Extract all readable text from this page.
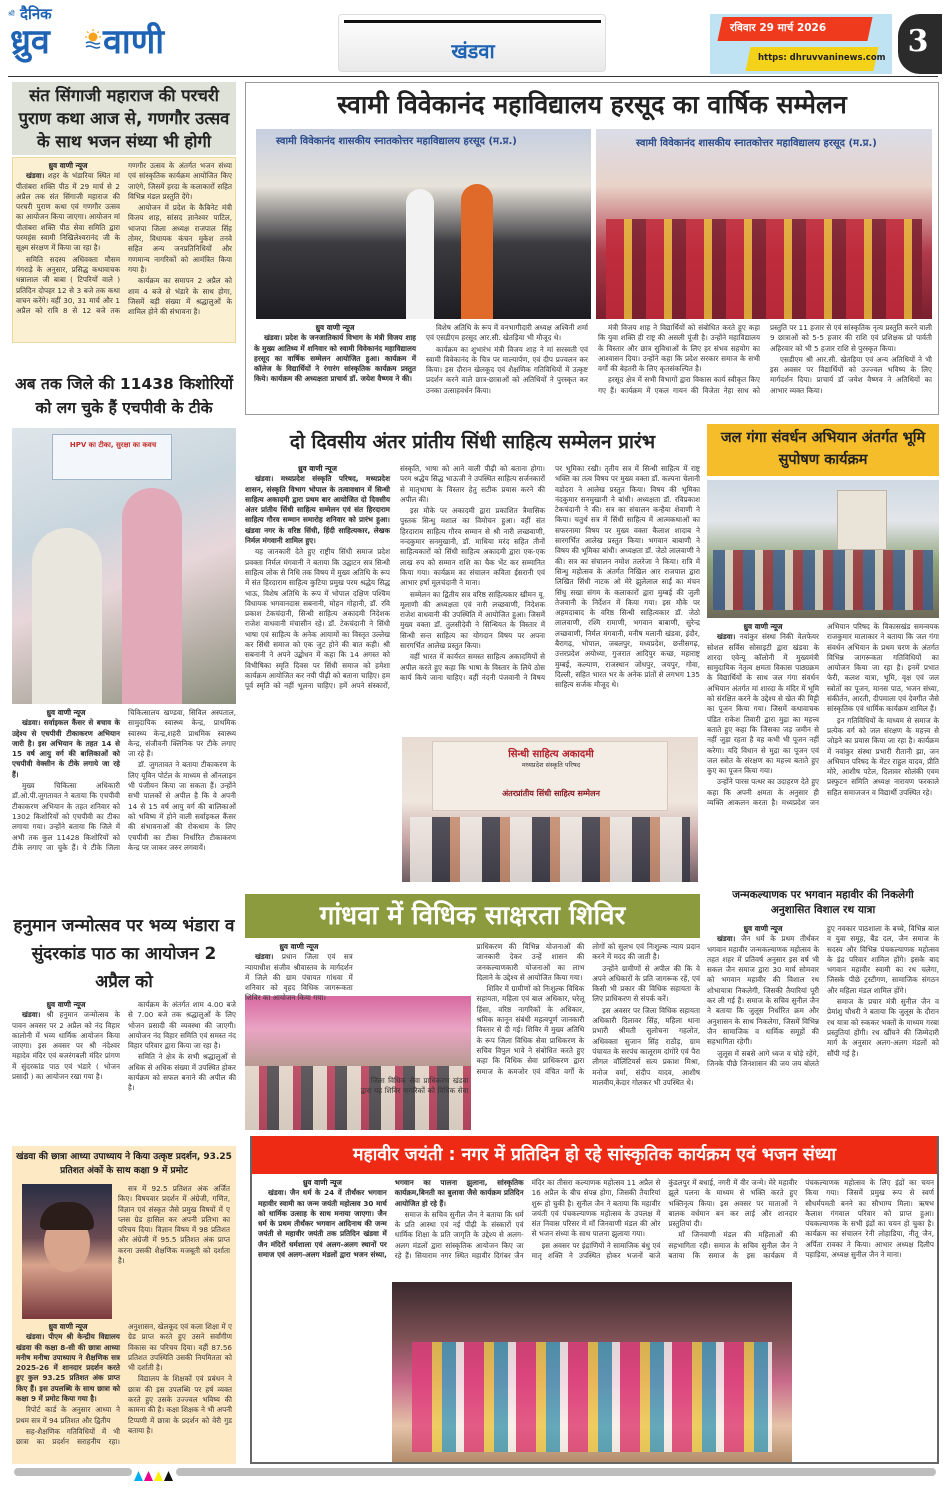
श्री दैनिक
ध्रुव वाणी	खंडवा
रविवार 29 मार्च 2026
https: dhruvvaninews.com 3
संत सिंगाजी महाराज की परचरी पुराण कथा आज से, गणगौर उत्सव के साथ भजन संध्या भी होगी
ध्रुव वाणी न्यूज

खंडवा। शहर के भंडारिया स्थित मां पीतांबरा शक्ति पीठ में 29 मार्च से 2 अप्रैल तक संत सिंगाजी महाराज की परचरी पुराण कथा एवं गणगौर उत्सव का आयोजन किया जाएगा। आयोजन मां पीतांबरा शक्ति पीठ सेवा समिति द्वारा परमहंस स्वामी निखिलेश्वरानंद जी के सूक्ष्म संरक्षण में किया जा रहा है।

समिति सदस्य अधिवक्ता मौसम गंगराड़े के अनुसार, प्रसिद्ध कथावाचक धन्नालाल जी बाबा ( टिपरियों वाले ) प्रतिदिन दोपहर 12 से 3 बजे तक कथा वाचन करेंगे। वहीं 30, 31 मार्च और 1 अप्रैल को रात्रि 8 से 12 बजे तक गणगौर उत्सव के अंतर्गत भजन संध्या एवं सांस्कृतिक कार्यक्रम आयोजित किए जाएंगे, जिसमें हरदा के कलाकारों सहित विभिन्न मंडल प्रस्तुति देंगे।

आयोजन में प्रदेश के कैबिनेट मंत्री विजय शाह, सांसद ज्ञानेश्वर पाटिल, भाजपा जिला अध्यक्ष राजपाल सिंह तोमर, विधायक कंचन मुकेश तनवे सहित अन्य जनप्रतिनिधियों और गणमान्य नागरिकों को आमंत्रित किया गया है।

कार्यक्रम का समापन 2 अप्रैल को शाम 4 बजे से भंडारे के साथ होगा, जिसमें बड़ी संख्या में श्रद्धालुओं के शामिल होने की संभावना है।

अब तक जिले की 11438 किशोरियों को लग चुके हैं एचपीवी के टीके
HPV का टीका, सुरक्षा का कवच
ध्रुव वाणी न्यूज

खंडवा। सर्वाइकल कैंसर से बचाव के उद्देश्य से एचपीवी टीकाकरण अभियान जारी है। इस अभियान के तहत 14 से 15 वर्ष आयु वर्ग की बालिकाओं को एचपीवी वेक्सीन के टीके लगाये जा रहे हैं।

मुख्य चिकित्सा अधिकारी डॉ.ओ.पी.जुगतावत ने बताया कि एचपीवी टीकाकरण अभियान के तहत शनिवार को 1302 किशोरियों को एचपीवी का टीका लगाया गया। उन्होंने बताया कि जिले में अभी तक कुल 11428 किशोरियों को टीके लगाए जा चुके हैं। ये टीके जिला चिकित्सालय खण्डवा, सिविल अस्पताल, सामुदायिक स्वास्थ्य केन्द्र, प्राथमिक स्वास्थ्य केन्द्र,शहरी प्राथमिक स्वास्थ्य केन्द्र, संजीवनी क्लिनिक पर टीके लगाए जा रहे हैं।

डॉ. जुगतावत ने बताया टीकाकरण के लिए यूविन पोर्टल के माध्यम से ऑनलाइन भी पंजीयन किया जा सकता हैं। उन्होंने सभी पालकों से अपील है कि वे अपनी 14 से 15 वर्ष आयु वर्ग की बालिकाओं को भविष्य में होने वाली सर्वाइकल कैंसर की संभावनाओं की रोकथाम के लिए एचपीवी का टीका निर्धारित टीकाकरण केन्द्र पर जाकर जरुर लगवायें।

हनुमान जन्मोत्सव पर भव्य भंडारा व सुंदरकांड पाठ का आयोजन 2 अप्रैल को
ध्रुव वाणी न्यूज

खंडवा। श्री हनुमान जन्मोत्सव के पावन अवसर पर 2 अप्रैल को नंद विहार कालोनी में भव्य धार्मिक आयोजन किया जाएगा। इस अवसर पर श्री नंदेश्वर महादेव मंदिर एवं बजरंगबली मंदिर प्रांगण में सुंदरकांड पाठ एवं भंडारे ( भोजन प्रसादी ) का आयोजन रखा गया है।

कार्यक्रम के अंतर्गत शाम 4.00 बजे से 7.00 बजे तक श्रद्धालुओं के लिए भोजन प्रसादी की व्यवस्था की जाएगी। आयोजन नंद विहार समिति एवं समस्त नंद विहार परिवार द्वारा किया जा रहा है।

समिति ने क्षेत्र के सभी श्रद्धालुओं से अधिक से अधिक संख्या में उपस्थित होकर कार्यक्रम को सफल बनाने की अपील की है।

खंडवा की छात्रा आध्या उपाध्याय ने किया उत्कृष्ट प्रदर्शन, 93.25 प्रतिशत अंकों के साथ कक्षा 9 में प्रमोट

सत्र में 92.5 प्रतिशत अंक अर्जित किए। विषयवार प्रदर्शन में अंग्रेजी, गणित, विज्ञान एवं संस्कृत जैसे प्रमुख विषयों में ए प्लस ग्रेड हासिल कर अपनी प्रतिभा का परिचय दिया। विज्ञान विषय में 98 प्रतिशत और अंग्रेजी में 95.5 प्रतिशत अंक प्राप्त करना उसकी शैक्षणिक मजबूती को दर्शाता है।

ध्रुव वाणी न्यूज

खंडवा। पीएम श्री केन्द्रीय विद्यालय खंडवा की कक्षा 8-सी की छात्रा आध्या मनीष मनीषा उपाध्याय ने शैक्षणिक सत्र 2025-26 में शानदार प्रदर्शन करते हुए कुल 93.25 प्रतिशत अंक प्राप्त किए हैं। इस उपलब्धि के साथ छात्रा को कक्षा 9 में प्रमोट किया गया है।

रिपोर्ट कार्ड के अनुसार आध्या ने प्रथम सत्र में 94 प्रतिशत और द्वितीय

सह-शैक्षणिक गतिविधियों में भी छात्रा का प्रदर्शन सराहनीय रहा। अनुशासन, खेलकूद एवं कला शिक्षा में ए ग्रेड प्राप्त करते हुए उसने सर्वांगीण विकास का परिचय दिया। वहीं 87.56 प्रतिशत उपस्थिति उसकी नियमितता को भी दर्शाती है।

विद्यालय के शिक्षकों एवं प्रबंधन ने छात्रा की इस उपलब्धि पर हर्ष व्यक्त करते हुए उसके उज्ज्वल भविष्य की कामना की है। कक्षा शिक्षक ने भी अपनी टिप्पणी में छात्रा के प्रदर्शन को वेरी गुड बताया है।

स्वामी विवेकानंद महाविद्यालय हरसूद का वार्षिक सम्मेलन
स्वामी विवेकानंद शासकीय स्नातकोत्तर महाविद्यालय हरसूद (म.प्र.)	स्वामी विवेकानंद शासकीय स्नातकोत्तर महाविद्यालय हरसूद (म.प्र.)
ध्रुव वाणी न्यूज

खंडवा। प्रदेश के जनजातिकार्य विभाग के मंत्री विजय शाह के मुख्य आतिथ्य में शनिवार को स्वामी विवेकानंद महाविद्यालय हरसूद का वार्षिक सम्मेलन आयोजित हुआ। कार्यक्रम में कॉलेज के विद्यार्थियों ने रंगारंग सांस्कृतिक कार्यक्रम प्रस्तुत किये। कार्यक्रम की अध्यक्षता प्राचार्य डॉ. जयेश वैष्णव ने की।

विशेष अतिथि के रूप में वनभागीदारी अध्यक्ष अश्विनी शर्मा एवं एसडीएम हरसूद आर.सी. खेतड़िया भी मौजूद थे।

कार्यक्रम का शुभारंभ मंत्री विजय शाह ने मां सरस्वती एवं स्वामी विवेकानंद के चित्र पर माल्यार्पण, एवं दीप प्रज्वलन कर किया। इस दौरान खेलकूद एवं शैक्षणिक गतिविधियों में उत्कृष्ट प्रदर्शन करने वाले छात्र-छात्राओं को अतिथियों ने पुरस्कृत कर उनका उत्साहवर्धन किया।

मंत्री विजय शाह ने विद्यार्थियों को संबोधित करते हुए कहा कि युवा शक्ति ही राष्ट्र की असली पूंजी है। उन्होंने महाविद्यालय के विस्तार और छात्र सुविधाओं के लिए हर संभव सहयोग का आश्वासन दिया। उन्होंने कहा कि प्रदेश सरकार समाज के सभी वर्गों की बेहतरी के लिए कृतसंकल्पित है।

हरसूद क्षेत्र में सभी विभागों द्वारा विकास कार्य स्वीकृत किए गए हैं। कार्यक्रम में एकल गायन की विजेता नेहा साध को प्रस्तुति पर 11 हजार से एवं सांस्कृतिक नृत्य प्रस्तुति करने वाली 9 छात्राओं को 5-5 हजार की राशि एवं प्रशिक्षक प्रो पार्वती अहिरवार को भी 5 हजार राशि से पुरस्कृत किया।

एसडीएम श्री आर.सी. खेतड़िया एवं अन्य अतिथियों ने भी इस अवसर पर विद्यार्थियों को उज्ज्वल भविष्य के लिए मार्गदर्शन दिया। प्राचार्य डॉ जयेश वैष्णव ने अतिथियों का आभार व्यक्त किया।

दो दिवसीय अंतर प्रांतीय सिंधी साहित्य सम्मेलन प्रारंभ
ध्रुव वाणी न्यूज

खंडवा। मध्यप्रदेश संस्कृति परिषद, मध्यप्रदेश शासन, संस्कृति विभाग भोपाल के तत्वावधान में सिन्धी साहित्य अकादमी द्वारा प्रथम बार आयोजित दो दिवसीय अंतर प्रांतीय सिंधी साहित्य सम्मेलन एवं संत हिरदाराम साहित्य गौरव सम्मान समारोह शनिवार को प्रारंभ हुआ। खंडवा नगर के वरिष्ठ सिंधी, हिंदी साहित्यकार, लेखक निर्मल मंगवानी शामिल हुए।

यह जानकारी देते हुए राष्ट्रीय सिंधी समाज प्रदेश प्रवक्ता निर्मल मंगवानी ने बताया कि उद्घाटन सत्र सिन्धी साहित्य लोक से निधि तक विषय में मुख्य अतिथि के रूप में संत हिरदाराम साहित्य कुटिया प्रमुख परम श्रद्धेय सिद्ध भाऊ, विशेष अतिथि के रूप में भोपाल दक्षिण पश्चिम विधायक भगवानदास सबनानी, मोहन गोहानी, डॉ. रवि प्रकाश टेकचंदानी, सिन्धी साहित्य अकादमी निदेशक राजेश वाधवानी मंचासीन रहे। डॉ. टेकचंदानी ने सिंधी भाषा एवं साहित्य के अनेक आयामों का विस्तृत उल्लेख कर सिंधी समाज को एक जुट होने की बात कही। श्री सबनानी ने अपने उद्बोधन में कहा कि 14 अगस्त को विभीषिका स्मृति दिवस पर सिंधी समाज को हमेशा कार्यक्रम आयोजित कर नयी पीढ़ी को बताना चाहिए। हम पूर्व स्मृति को नहीं भूलना चाहिए। हमें अपने संस्कारों, संस्कृति, भाषा को आने वाली पीढ़ी को बताना होगा। परम श्रद्धेय सिद्ध भाऊजी ने उपस्थित साहित्य सर्जनकारों से मातृभाषा के विस्तार हेतु सटीक प्रयास करने की अपील की।

इस मौके पर अकादमी द्वारा प्रकाशित त्रैमासिक पुस्तक सिन्धु मशाल का विमोचन हुआ। वहीं संत हिरदाराम साहित्य गौरव सम्मान से श्री नारी लच्छवाणी, नन्दकुमार सनमुखानी, डॉ. माधिया मरंद सहित तीनों साहित्यकारों को सिंधी साहित्य अकादमी द्वारा एक-एक लाख रुप को सम्मान राशि का चैक भेंट कर सम्मानित किया गया। कार्यक्रम का संचालन कविता ईसरानी एवं आभार हर्षा मूलचंदानी ने माना।

सम्मेलन का द्वितीय सत्र वरिष्ठ साहित्यकार खीमन यू. मूलाणी की अध्यक्षता एवं नारी लच्छवाणी, निदेशक राजेश वाधवानी की उपस्थिति में आयोजित हुआ। जिसमें मुख्य वक्ता डॉ. तुलसीदेवी ने सिन्धियत के विस्तार में सिन्धी सन्त साहित्य का योगदान विषय पर अपना सारगर्भित आलेख प्रस्तुत किया।

वहीं भारत में कार्यरत समस्त साहित्य अकादमियों से अपील करते हुए कहा कि भाषा के विस्तार के लिये ठोस कार्य किये जाना चाहिए। वहीं नंदनी पंजवानी ने विषय पर भूमिका रखी। तृतीय सत्र में सिन्धी साहित्य में राष्ट्र भक्ति का तत्व विषय पर मुख्य वक्ता डॉ. कल्पना चेलानी वडोदरा ने आलेख प्रस्तुत किया। विषय की भूमिका नंदकुमार सनमुखानी ने बांधी। अध्यक्षता डॉ. रविप्रकाश टेकचंदानी ने की। सत्र का संचालन कन्हैया शेवाणी ने किया। चतुर्थ सत्र में सिंधी साहित्य में आत्मकथाओं का सफरनामा विषय पर मुख्य वक्ता कैलाश शादाब ने सारगर्भित आलेख प्रस्तुत किया। भगवान बाबाणी ने विषय की भूमिका बांधी। अध्यक्षता डॉ. जेठो लालवाणी ने की। सत्र का संचालन नमोश तलरेजा ने किया। रात्रि में सिन्धु महोत्सव के अंतर्गत निखिल आर राजपाल द्वारा लिखित सिंधी नाटक ओ मेरे झुलेलाल साईं का मंचन सिंधु सखा संगम के कलाकारों द्वारा मुम्बई की जुली तेजवानी के निर्देशन में किया गया। इस मौके पर अहमदाबाद के वरिष्ठ सिन्धी साहित्यकार डॉ. जेठो लालवाणी, रश्मि रामाणी, भगवान बाबाणी, सुरेन्द्र लच्छवाणी, निर्मल मंगवानी, मनीष मलानी खंडवा, इंदौर, बैरागढ़, भोपाल, जबलपुर, मध्यप्रदेश, छत्तीसगढ़, उत्तरप्रदेश अयोध्या, गुजरात आदिपुर कच्छ, महाराष्ट्र मुम्बई, कल्याण, राजस्थान जोधपुर, जयपुर, गोवा, दिल्ली, सहित भारत भर के अनेक प्रांतों से लगभग 135 साहित्य सर्जक मौजूद थे।

सिन्धी साहित्य अकादमी
मध्यप्रदेश संस्कृति परिषद
अंतरप्रांतीय सिंधी साहित्य सम्मेलन
जल गंगा संवर्धन अभियान अंतर्गत भूमि सुपोषण कार्यक्रम
ध्रुव वाणी न्यूज

खंडवा। नवांकुर संस्था निकी वेलफेयर सोशल सर्विस सोसाइटी द्वारा खंडवा के शारदा एवेन्यू कॉलोनी में मुख्यमंत्री सामुदायिक नेतृत्व क्षमता विकास पाठ्यक्रम के विद्यार्थियों के साथ जल गंगा संवर्धन अभियान अंतर्गत मां शारदा के मंदिर में भूमि को संरक्षित करने के उद्देश्य से खेत की मिट्टी का पूजन किया गया। जिसमें कथावाचक पंडित राकेश तिवारी द्वारा मुद्रा का महत्त्व बताते हुए कहा कि जिसका जड़ जमीन से नहीं जुड़ा रहता है वह कभी भी पूजन नहीं करेगा। यदि विधान से मुद्रा का पूजन एवं जल स्त्रोत के संरक्षण का महत्त्व बताते हुए कुए का पूजन किया गया।

उन्होंने पारस पत्थर का उदाहरण देते हुए कहा कि अपनी क्षमता के अनुसार ही व्यक्ति आकलन करता है। मध्यप्रदेश जन अभियान परिषद के विकासखंड समन्वयक राजकुमार मालाकार ने बताया कि जल गंगा संवर्धन अभियान के प्रथम चरण के अंतर्गत विभिन्न जागरूकता गतिविधियों का आयोजन किया जा रहा है। इनमें प्रभात फेरी, कलश यात्रा, भूमि, वृक्ष एवं जल स्त्रोतों का पूजन, मानस पाठ, भजन संध्या, संकीर्तन, आरती, दीपमाला एवं देवगीत जैसे सांस्कृतिक एवं धार्मिक कार्यक्रम शामिल हैं।

इन गतिविधियों के माध्यम से समाज के प्रत्येक वर्ग को जल संरक्षण के महत्त्व से जोड़ने का प्रयास किया जा रहा है। कार्यक्रम में नवांकुर संस्था प्रभारी रीतानी झा, जन अभियान परिषद के मेंटर राहुल यादव, प्रीति मोरे, आशीष पटेल, दिलावर सोलंकी एवम प्रस्फुटन समिति अध्यक्ष नारायण फरकाले सहित समाजजन व विद्यार्थी उपस्थित रहे।

गांधवा में विधिक साक्षरता शिविर
ध्रुव वाणी न्यूज

खंडवा। प्रधान जिला एवं सत्र न्यायाधीश संजीव श्रीवास्तव के मार्गदर्शन में जिले की ग्राम पंचायत गांधवा में शनिवार को वृहद विधिक जागरूकता शिविर का आयोजन किया गया।

जिला विधिक सेवा प्राधिकरण खंडवा द्वारा यह शिविर नागरिकों को विधिक सेवा प्राधिकरण की विभिन्न योजनाओं की जानकारी देकर उन्हें शासन की जनकल्याणकारी योजनाओं का लाभ दिलाने के उद्देश्य से आयोजित किया गया।

शिविर में ग्रामीणों को निःशुल्क विधिक सहायता, महिला एवं बाल अधिकार, घरेलू हिंसा, वरिष्ठ नागरिकों के अधिकार, श्रमिक कानून संबंधी महत्वपूर्ण जानकारी विस्तार से दी गई। शिविर में मुख्य अतिथि के रूप जिला विधिक सेवा प्राधिकरण के सचिव विपुल भावे ने संबोधित करते हुए कहा कि विधिक सेवा प्राधिकरण द्वारा समाज के कमजोर एवं वंचित वर्गों के लोगों को सुलभ एवं निःशुल्क न्याय प्रदान करने में मदद की जाती है।

उन्होंने ग्रामीणों से अपील की कि वे अपने अधिकारों के प्रति जागरूक रहें, एवं किसी भी प्रकार की विधिक सहायता के लिए प्राधिकरण से संपर्क करें।

इस अवसर पर जिला विधिक सहायता अधिकारी दिलावर सिंह, महिला थाना प्रभारी श्रीमती सुलोचना गहलोत, अधिवक्ता सुजान सिंह राठौड़, ग्राम पंचायत के सरपंच कालूराम दांगोरे एवं पैरा लीगल वॉलिंटियर्स सत्य प्रकाश मिश्रा, मनोज वर्मा, संदीप यादव, आशीष मालवीय,केदार गोलकर भी उपस्थित थे।

जन्मकल्याणक पर भगवान महावीर की निकलेगी अनुशासित विशाल रथ यात्रा
ध्रुव वाणी न्यूज

खंडवा। जैन धर्म के प्रथम तीर्थंकर भगवान महावीर जन्मकल्याणक महोत्सव के तहत शहर में प्रतिवर्ष अनुसार इस वर्ष भी सकल जैन समाज द्वारा 30 मार्च सोमवार को भगवान महावीर की विशाल रथ शोभायात्रा निकलेगी, जिसकी तैयारियां पूरी कर ली गई हैं। समाज के सचिव सुनील जैन ने बताया कि जुलूस निर्धारित क्रम और अनुशासन के साथ निकलेगा, जिसमें विभिन्न जैन सामाजिक व धार्मिक समूहों की सहभागिता रहेगी।

जुलूस में सबसे आगे ध्वज व घोड़े रहेंगे, जिनके पीछे जिनशासन की जय जय बोलते हुए नवकार पाठशाला के बच्चे, विभिन्न बाल व युवा समूह, बैंड दल, जैन समाज के सदस्य और विभिन्न पंचकल्याणक महोत्सव के इंद्र परिवार शामिल होंगे। इसके बाद भगवान महावीर स्वामी का रथ चलेगा, जिसके पीछे ट्रस्टीगण, सामाजिक संगठन और महिला मंडल शामिल होंगे।

समाज के प्रचार मंत्री सुनील जैन व प्रेमांशु चौधरी ने बताया कि जुलूस के दौरान रथ यात्रा को रुककर भक्तों के माध्यम गरबा प्रस्तुतियां होंगी। रथ खींचने की जिम्मेदारी मार्ग के अनुसार अलग-अलग मंडलों को सौंपी गई है।

महावीर जयंती : नगर में प्रतिदिन हो रहे सांस्कृतिक कार्यक्रम एवं भजन संध्या
ध्रुव वाणी न्यूज

खंडवा। जैन धर्म के 24 वें तीर्थंकर भगवान महावीर स्वामी का जन्म जयंती महोत्सव 30 मार्च को धार्मिक उत्साह के साथ मनाया जाएगा। जैन धर्म के प्रथम तीर्थंकर भगवान आदिनाथ की जन्म जयंती से महावीर जयंती तक प्रतिदिन खंडवा में जैन मंदिरों धर्मशाला एवं अलग-अलग स्थानों पर समाज एवं अलग-अलग मंडलों द्वारा भजन संध्या, भगवान का पालना झुलाना, सांस्कृतिक कार्यक्रम,बिनती का बुलावा जैसे कार्यक्रम प्रतिदिन आयोजित हो रहे हैं।

समाज के सचिव सुनील जैन ने बताया कि धर्म के प्रति आस्था एवं नई पीढ़ी के संस्कारों एवं धार्मिक शिक्षा के प्रति जागृति के उद्देश्य से अलग-अलग मंडलों द्वारा सांस्कृतिक आयोजन किए जा रहे हैं। सियाराम नगर स्थित महावीर दिगंबर जैन मंदिर का तीसरा कल्याणक महोत्सव 11 अप्रैल से 16 अप्रैल के बीच संपन्न होगा, जिसकी तैयारियां शुरू हो चुकी है। सुनील जैन ने बताया कि महावीर जयंती एवं पंचकल्याणक महोत्सव के उपलक्ष में संत निवास परिसर में माँ जिनवाणी मंडल की ओर से भजन संध्या के साथ पालना झुलाया गया।

इस अवसर पर इंद्राणियों ने सामाजिक बंधु एवं मातृ शक्ति ने उपस्थित होकर भजनों बाजे कुंडलपुर में बधाई, नगरी में वीर जन्मे। मेरे महावीर झूले पलना के माध्यम से भक्ति करते हुए भक्तिनृत्य किया। इस अवसर पर माताओं ने बालक वर्धमान बन कर लाई और शानदार प्रस्तुतियां दी।

माँ जिनवाणी मंडल की महिलाओं की सहभागिता रही। समाज के सचिव सुनील जैन ने बताया कि समाज के इस कार्यक्रम में पंचकल्याणक महोत्सव के लिए इंद्रों का चयन किया गया। जिसमें प्रमुख रूप से स्वर्ण सौधर्मपमती बनने का सौभाग्य मिला। ऋषभ कैलाश गंगवाल परिवार को प्राप्त हुआ। पंचकल्याणक के सभी इंद्रों का चयन हो चुका है। कार्यक्रम का संचालन रेनी लोहाडिया, नीतू जैन, अर्पिता रावका ने किया। आभार अध्यक्ष दिलीप पहाड़िया, अध्यक्ष सुनील जैन ने माना।
